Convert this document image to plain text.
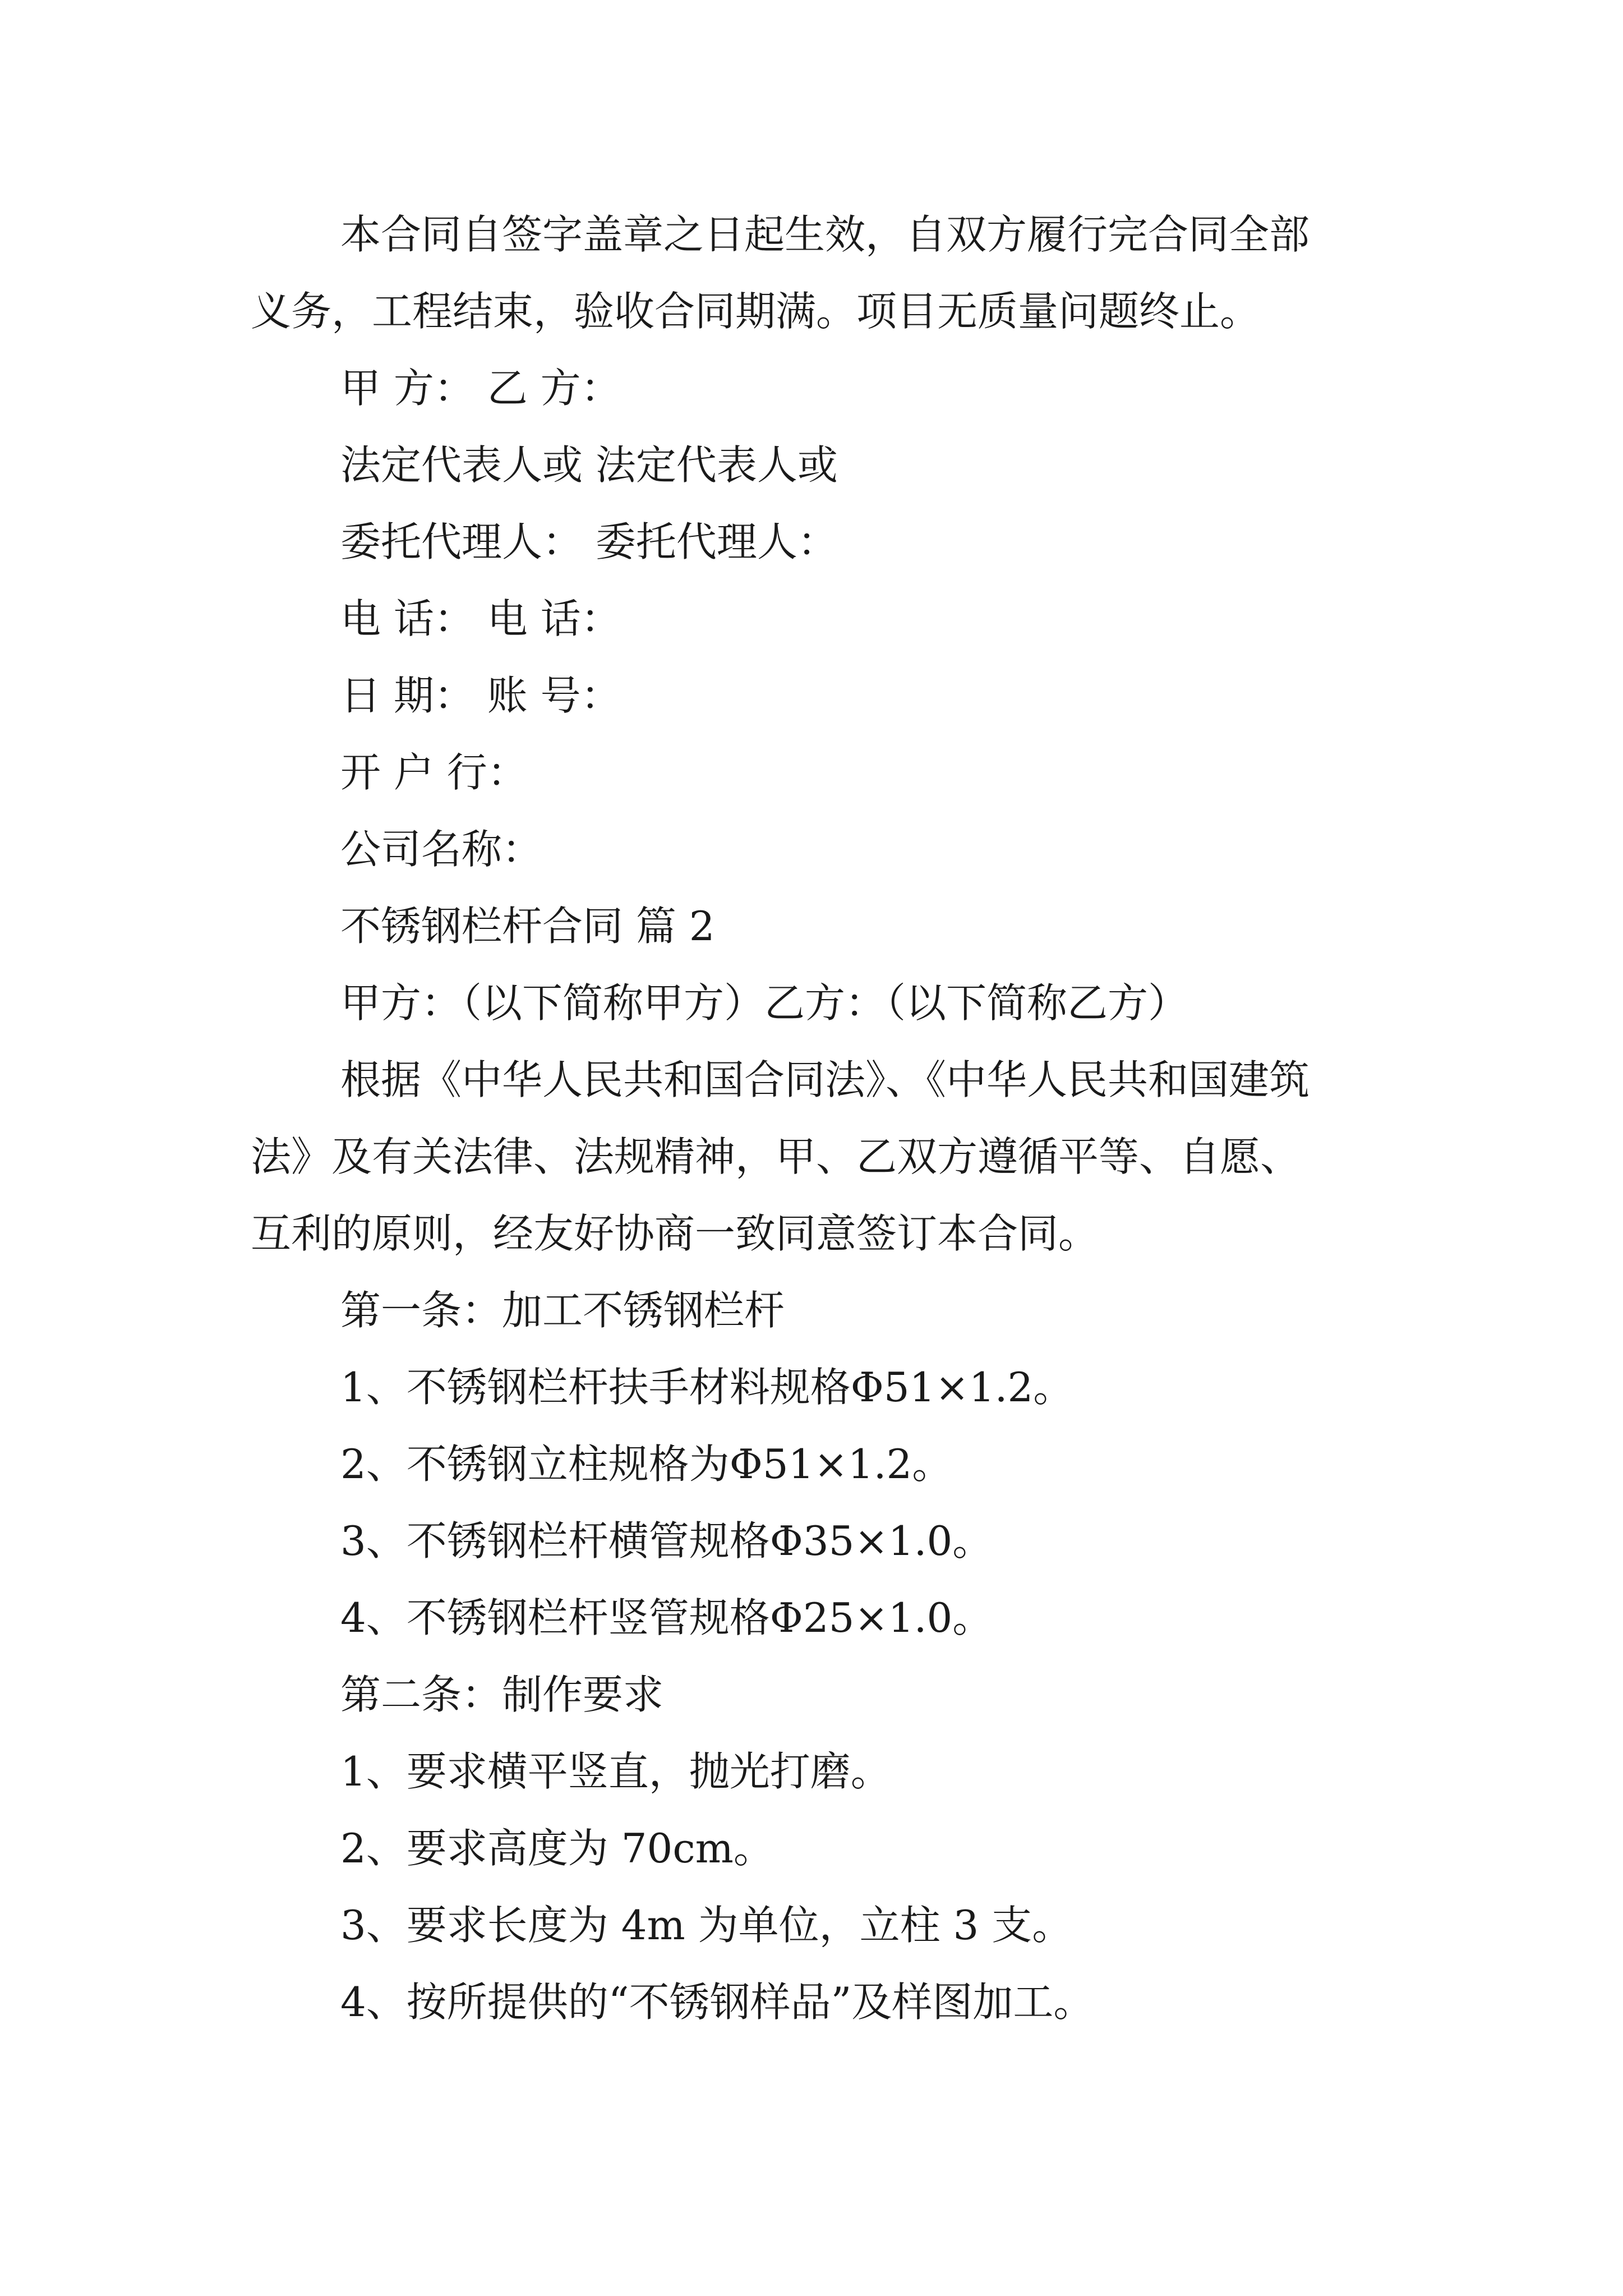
本合同自签字盖章之日起生效，自双方履行完合同全部
义务，工程结束，验收合同期满。项目无质量问题终止。
甲 方： 乙 方：
法定代表人或 法定代表人或
委托代理人： 委托代理人：
电 话： 电 话：
日 期： 账 号：
开 户 行：
公司名称：
不锈钢栏杆合同 篇 2
甲方：（以下简称甲方）乙方：（以下简称乙方）
根据《中华人民共和国合同法》、《中华人民共和国建筑
法》及有关法律、法规精神，甲、乙双方遵循平等、自愿、
互利的原则，经友好协商一致同意签订本合同。
第一条：加工不锈钢栏杆
1、不锈钢栏杆扶手材料规格Φ51×1.2。
2、不锈钢立柱规格为Φ51×1.2。
3、不锈钢栏杆横管规格Φ35×1.0。
4、不锈钢栏杆竖管规格Φ25×1.0。
第二条：制作要求
1、要求横平竖直，抛光打磨。
2、要求高度为 70cm。
3、要求长度为 4m 为单位，立柱 3 支。
4、按所提供的“不锈钢样品”及样图加工。
